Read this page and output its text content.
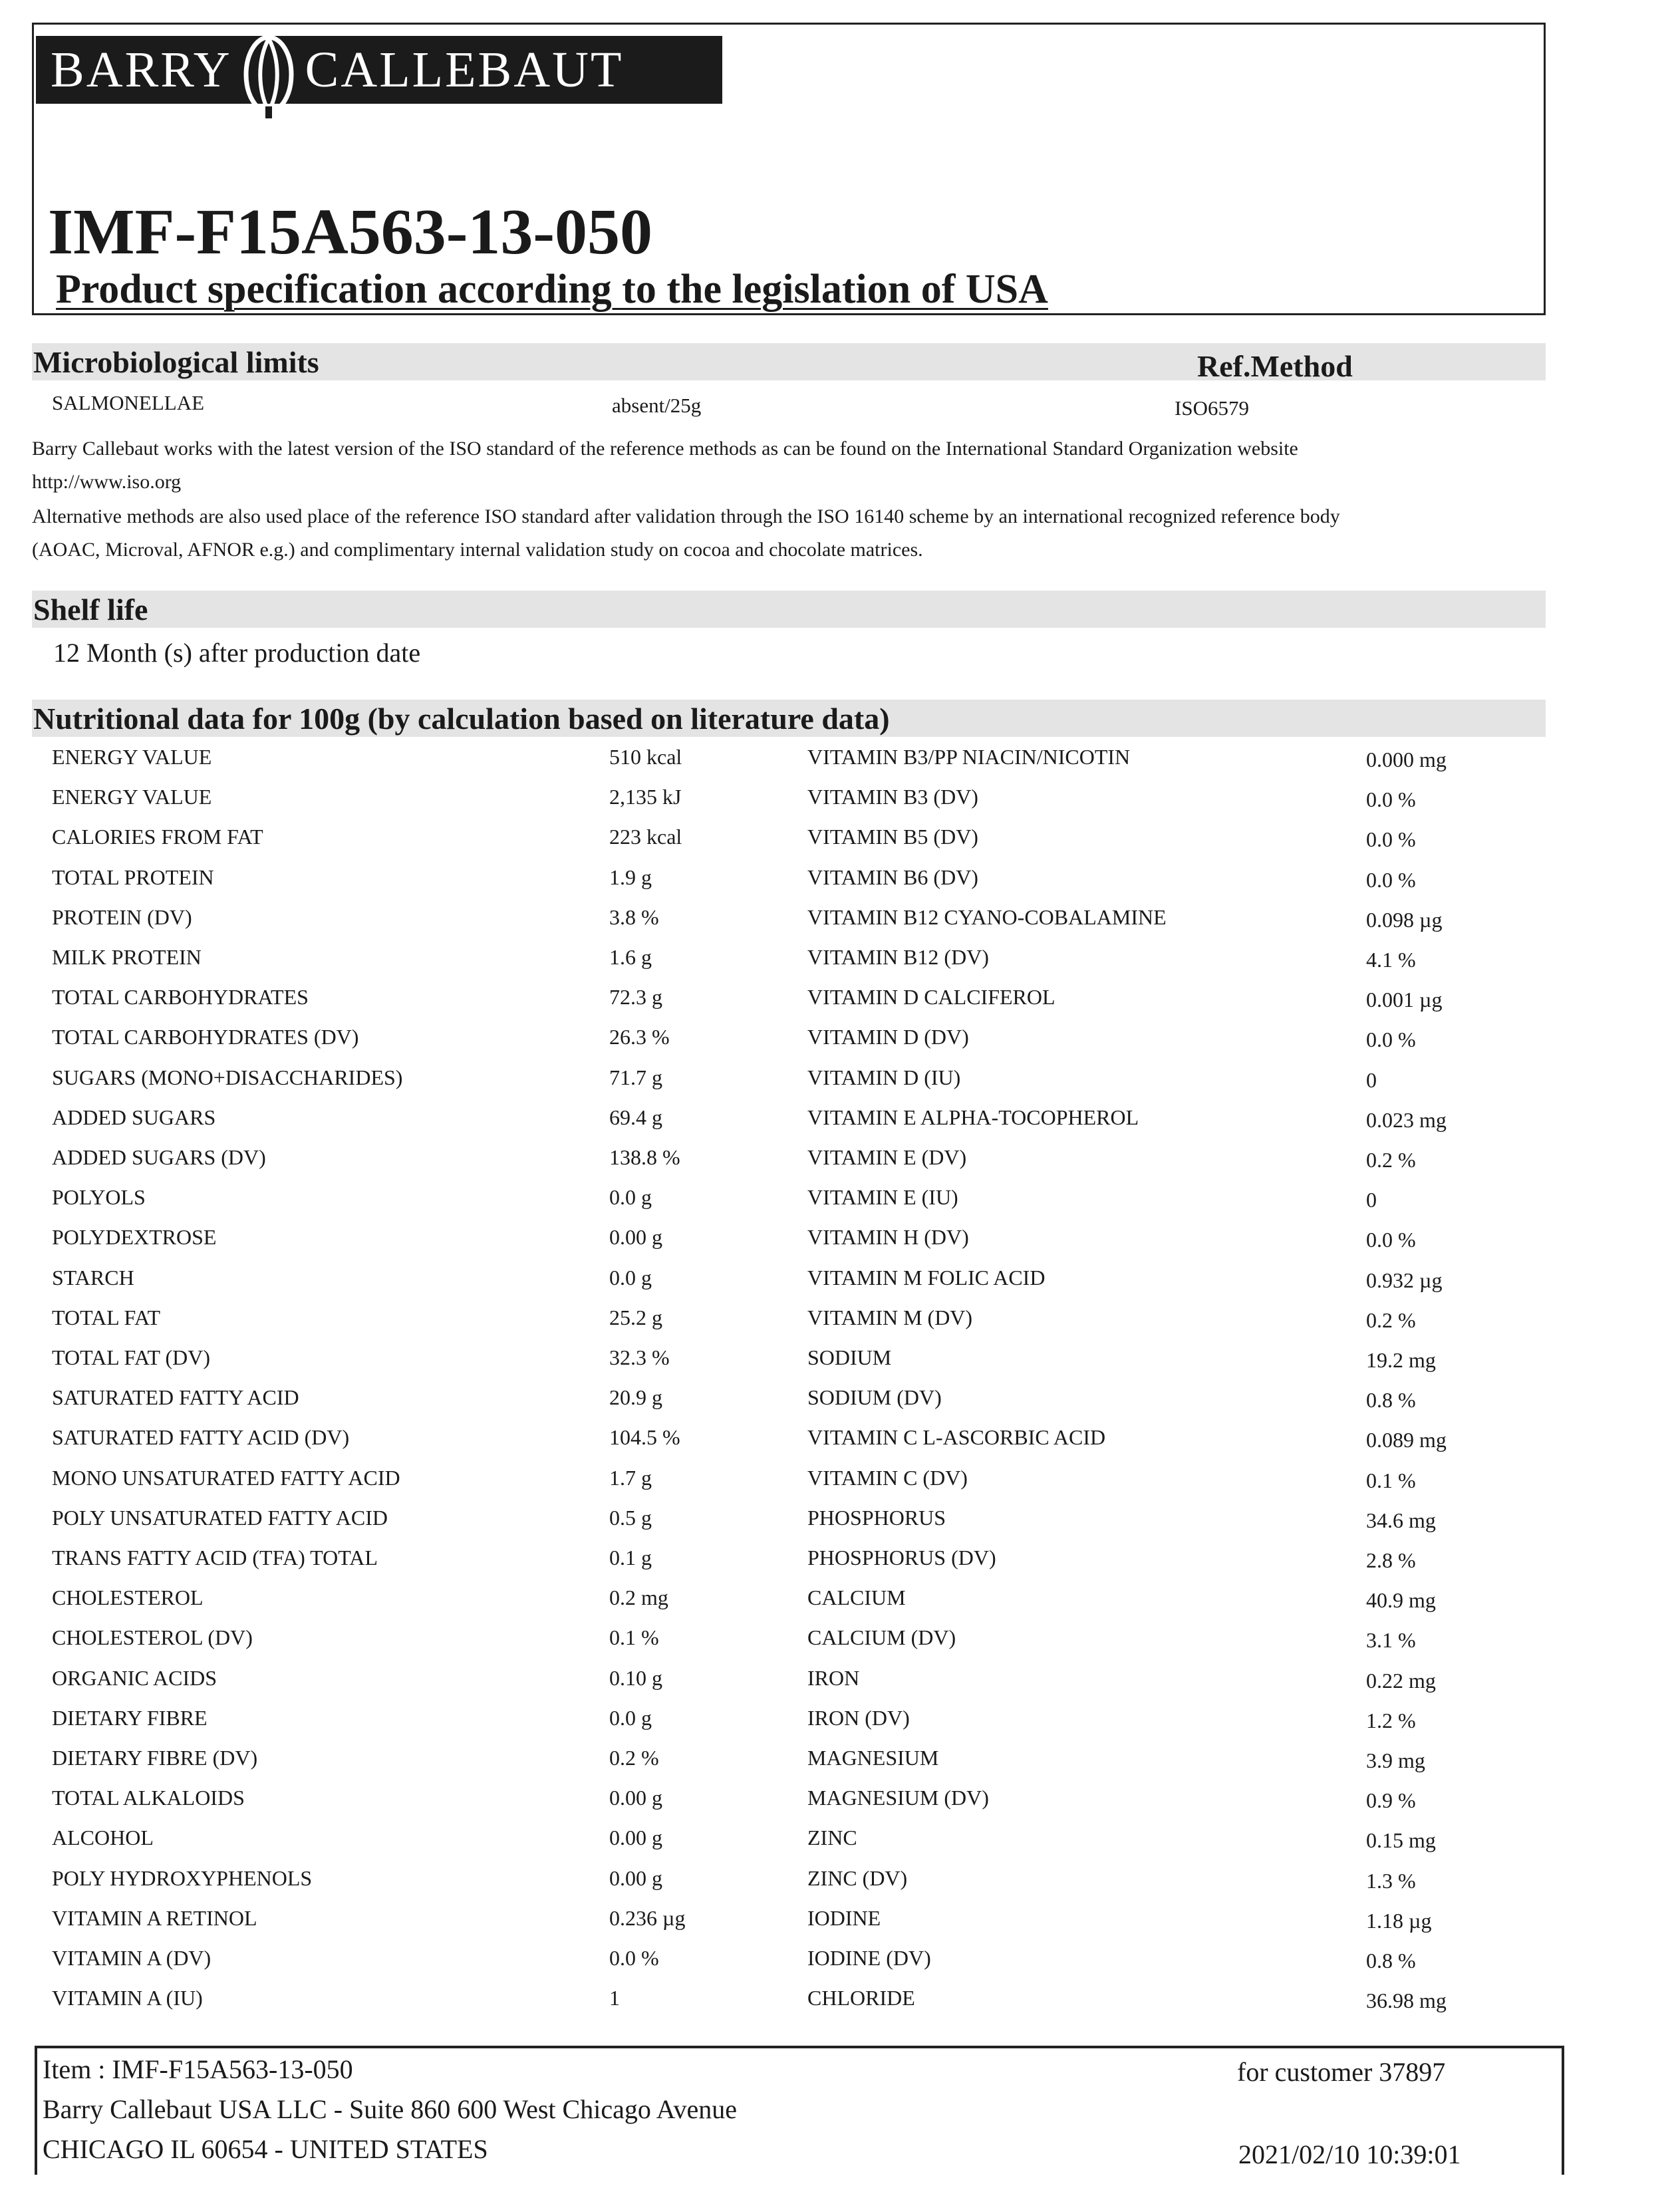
BARRY CALLEBAUT
IMF-F15A563-13-050
Product specification according to the legislation of USA
Microbiological limits	Ref.Method
SALMONELLAE	absent/25g	ISO6579
Barry Callebaut works with the latest version of the ISO standard of the reference methods as can be found on the International Standard Organization website
http://www.iso.org
Alternative methods are also used place of the reference ISO standard after validation through the ISO 16140 scheme by an international recognized reference body
(AOAC, Microval, AFNOR e.g.) and complimentary internal validation study on cocoa and chocolate matrices.
Shelf life
12 Month (s) after production date
Nutritional data for 100g (by calculation based on literature data)
ENERGY VALUE	510 kcal	VITAMIN B3/PP NIACIN/NICOTIN	0.000 mg
ENERGY VALUE	2,135 kJ	VITAMIN B3 (DV)	0.0 %
CALORIES FROM FAT	223 kcal	VITAMIN B5 (DV)	0.0 %
TOTAL PROTEIN	1.9 g	VITAMIN B6 (DV)	0.0 %
PROTEIN (DV)	3.8 %	VITAMIN B12 CYANO-COBALAMINE	0.098 µg
MILK PROTEIN	1.6 g	VITAMIN B12 (DV)	4.1 %
TOTAL CARBOHYDRATES	72.3 g	VITAMIN D CALCIFEROL	0.001 µg
TOTAL CARBOHYDRATES (DV)	26.3 %	VITAMIN D (DV)	0.0 %
SUGARS (MONO+DISACCHARIDES)	71.7 g	VITAMIN D (IU)	0
ADDED SUGARS	69.4 g	VITAMIN E ALPHA-TOCOPHEROL	0.023 mg
ADDED SUGARS (DV)	138.8 %	VITAMIN E (DV)	0.2 %
POLYOLS	0.0 g	VITAMIN E (IU)	0
POLYDEXTROSE	0.00 g	VITAMIN H (DV)	0.0 %
STARCH	0.0 g	VITAMIN M FOLIC ACID	0.932 µg
TOTAL FAT	25.2 g	VITAMIN M (DV)	0.2 %
TOTAL FAT (DV)	32.3 %	SODIUM	19.2 mg
SATURATED FATTY ACID	20.9 g	SODIUM (DV)	0.8 %
SATURATED FATTY ACID (DV)	104.5 %	VITAMIN C L-ASCORBIC ACID	0.089 mg
MONO UNSATURATED FATTY ACID	1.7 g	VITAMIN C (DV)	0.1 %
POLY UNSATURATED FATTY ACID	0.5 g	PHOSPHORUS	34.6 mg
TRANS FATTY ACID (TFA) TOTAL	0.1 g	PHOSPHORUS (DV)	2.8 %
CHOLESTEROL	0.2 mg	CALCIUM	40.9 mg
CHOLESTEROL (DV)	0.1 %	CALCIUM (DV)	3.1 %
ORGANIC ACIDS	0.10 g	IRON	0.22 mg
DIETARY FIBRE	0.0 g	IRON (DV)	1.2 %
DIETARY FIBRE (DV)	0.2 %	MAGNESIUM	3.9 mg
TOTAL ALKALOIDS	0.00 g	MAGNESIUM (DV)	0.9 %
ALCOHOL	0.00 g	ZINC	0.15 mg
POLY HYDROXYPHENOLS	0.00 g	ZINC (DV)	1.3 %
VITAMIN A RETINOL	0.236 µg	IODINE	1.18 µg
VITAMIN A (DV)	0.0 %	IODINE (DV)	0.8 %
VITAMIN A (IU)	1	CHLORIDE	36.98 mg
Item : IMF-F15A563-13-050
Barry Callebaut USA LLC - Suite 860 600 West Chicago Avenue
CHICAGO IL 60654 - UNITED STATES
for customer 37897
2021/02/10 10:39:01
